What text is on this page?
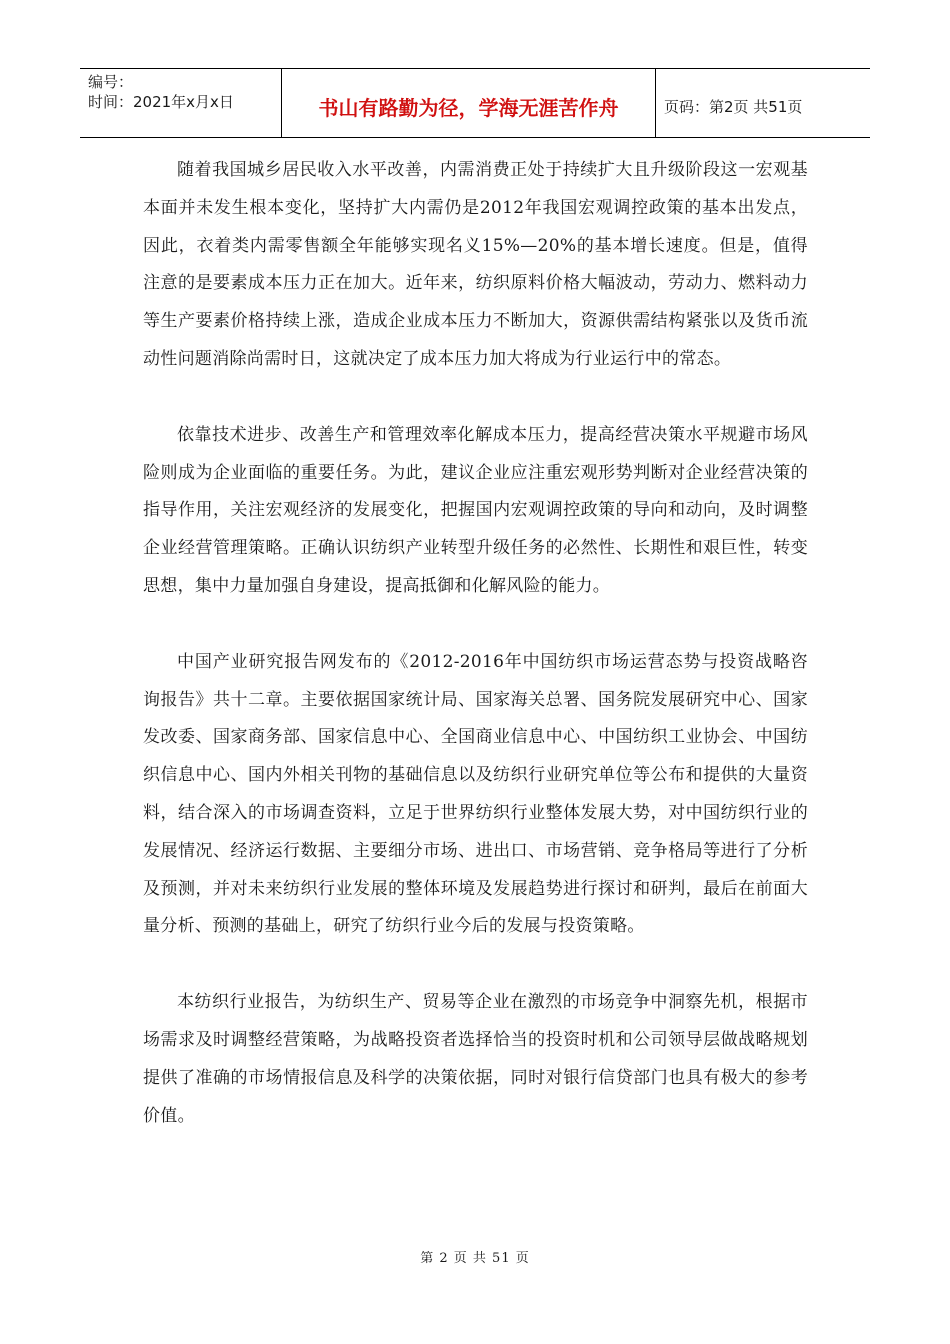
编号：
时间：2021年x月x日	书山有路勤为径，学海无涯苦作舟	页码：第2页 共51页

随着我国城乡居民收入水平改善，内需消费正处于持续扩大且升级阶段这一宏观基本面并未发生根本变化，坚持扩大内需仍是2012年我国宏观调控政策的基本出发点，因此，衣着类内需零售额全年能够实现名义15%—20%的基本增长速度。但是，值得注意的是要素成本压力正在加大。近年来，纺织原料价格大幅波动，劳动力、燃料动力等生产要素价格持续上涨，造成企业成本压力不断加大，资源供需结构紧张以及货币流动性问题消除尚需时日，这就决定了成本压力加大将成为行业运行中的常态。

依靠技术进步、改善生产和管理效率化解成本压力，提高经营决策水平规避市场风险则成为企业面临的重要任务。为此，建议企业应注重宏观形势判断对企业经营决策的指导作用，关注宏观经济的发展变化，把握国内宏观调控政策的导向和动向，及时调整企业经营管理策略。正确认识纺织产业转型升级任务的必然性、长期性和艰巨性，转变思想，集中力量加强自身建设，提高抵御和化解风险的能力。

中国产业研究报告网发布的《2012-2016年中国纺织市场运营态势与投资战略咨询报告》共十二章。主要依据国家统计局、国家海关总署、国务院发展研究中心、国家发改委、国家商务部、国家信息中心、全国商业信息中心、中国纺织工业协会、中国纺织信息中心、国内外相关刊物的基础信息以及纺织行业研究单位等公布和提供的大量资料，结合深入的市场调查资料，立足于世界纺织行业整体发展大势，对中国纺织行业的发展情况、经济运行数据、主要细分市场、进出口、市场营销、竞争格局等进行了分析及预测，并对未来纺织行业发展的整体环境及发展趋势进行探讨和研判，最后在前面大量分析、预测的基础上，研究了纺织行业今后的发展与投资策略。

本纺织行业报告，为纺织生产、贸易等企业在激烈的市场竞争中洞察先机，根据市场需求及时调整经营策略，为战略投资者选择恰当的投资时机和公司领导层做战略规划提供了准确的市场情报信息及科学的决策依据，同时对银行信贷部门也具有极大的参考价值。

第 2 页 共 51 页
